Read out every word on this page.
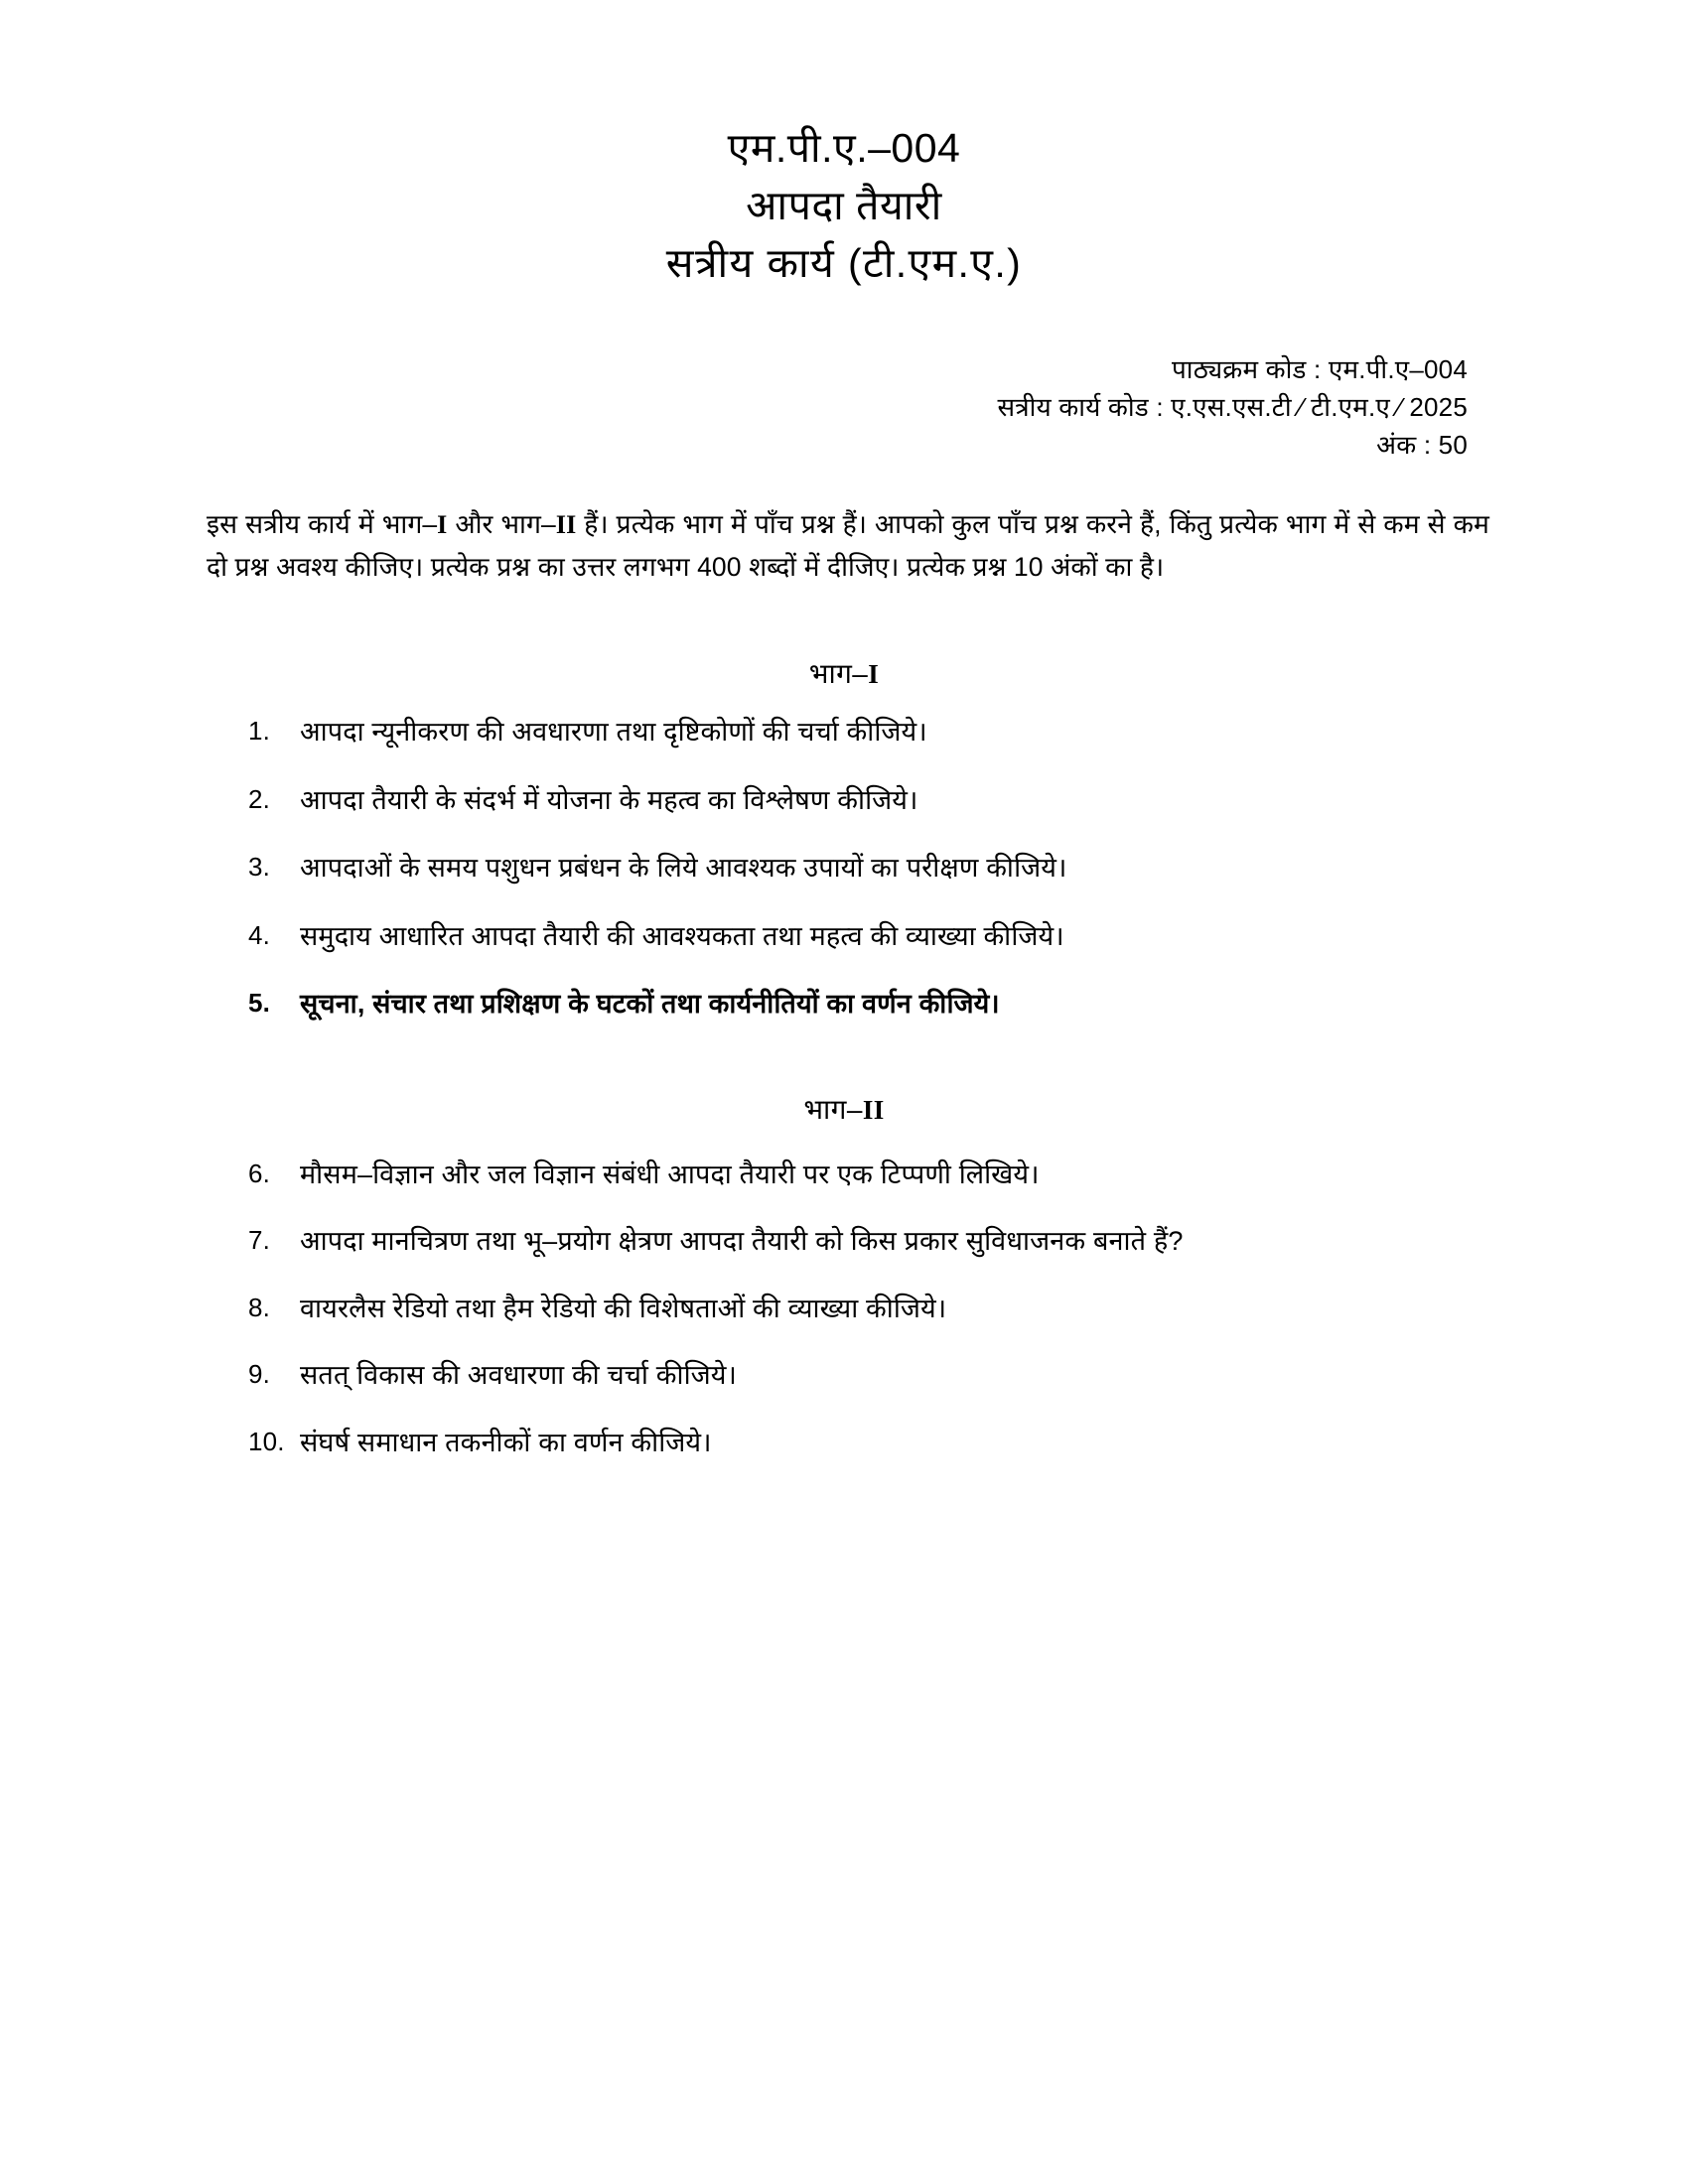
एम.पी.ए.–004
आपदा तैयारी
सत्रीय कार्य (टी.एम.ए.)
पाठ्यक्रम कोड : एम.पी.ए–004
सत्रीय कार्य कोड : ए.एस.एस.टी ⁄ टी.एम.ए ⁄ 2025
अंक : 50
इस सत्रीय कार्य में भाग–I और भाग–II हैं। प्रत्येक भाग में पाँच प्रश्न हैं। आपको कुल पाँच प्रश्न करने हैं, किंतु प्रत्येक भाग में से कम से कम दो प्रश्न अवश्य कीजिए। प्रत्येक प्रश्न का उत्तर लगभग 400 शब्दों में दीजिए। प्रत्येक प्रश्न 10 अंकों का है।
भाग–I
1.	आपदा न्यूनीकरण की अवधारणा तथा दृष्टिकोणों की चर्चा कीजिये।
2.	आपदा तैयारी के संदर्भ में योजना के महत्व का विश्लेषण कीजिये।
3.	आपदाओं के समय पशुधन प्रबंधन के लिये आवश्यक उपायों का परीक्षण कीजिये।
4.	समुदाय आधारित आपदा तैयारी की आवश्यकता तथा महत्व की व्याख्या कीजिये।
5.	सूचना, संचार तथा प्रशिक्षण के घटकों तथा कार्यनीतियों का वर्णन कीजिये।
भाग–II
6.	मौसम–विज्ञान और जल विज्ञान संबंधी आपदा तैयारी पर एक टिप्पणी लिखिये।
7.	आपदा मानचित्रण तथा भू–प्रयोग क्षेत्रण आपदा तैयारी को किस प्रकार सुविधाजनक बनाते हैं?
8.	वायरलैस रेडियो तथा हैम रेडियो की विशेषताओं की व्याख्या कीजिये।
9.	सतत् विकास की अवधारणा की चर्चा कीजिये।
10. संघर्ष समाधान तकनीकों का वर्णन कीजिये।
